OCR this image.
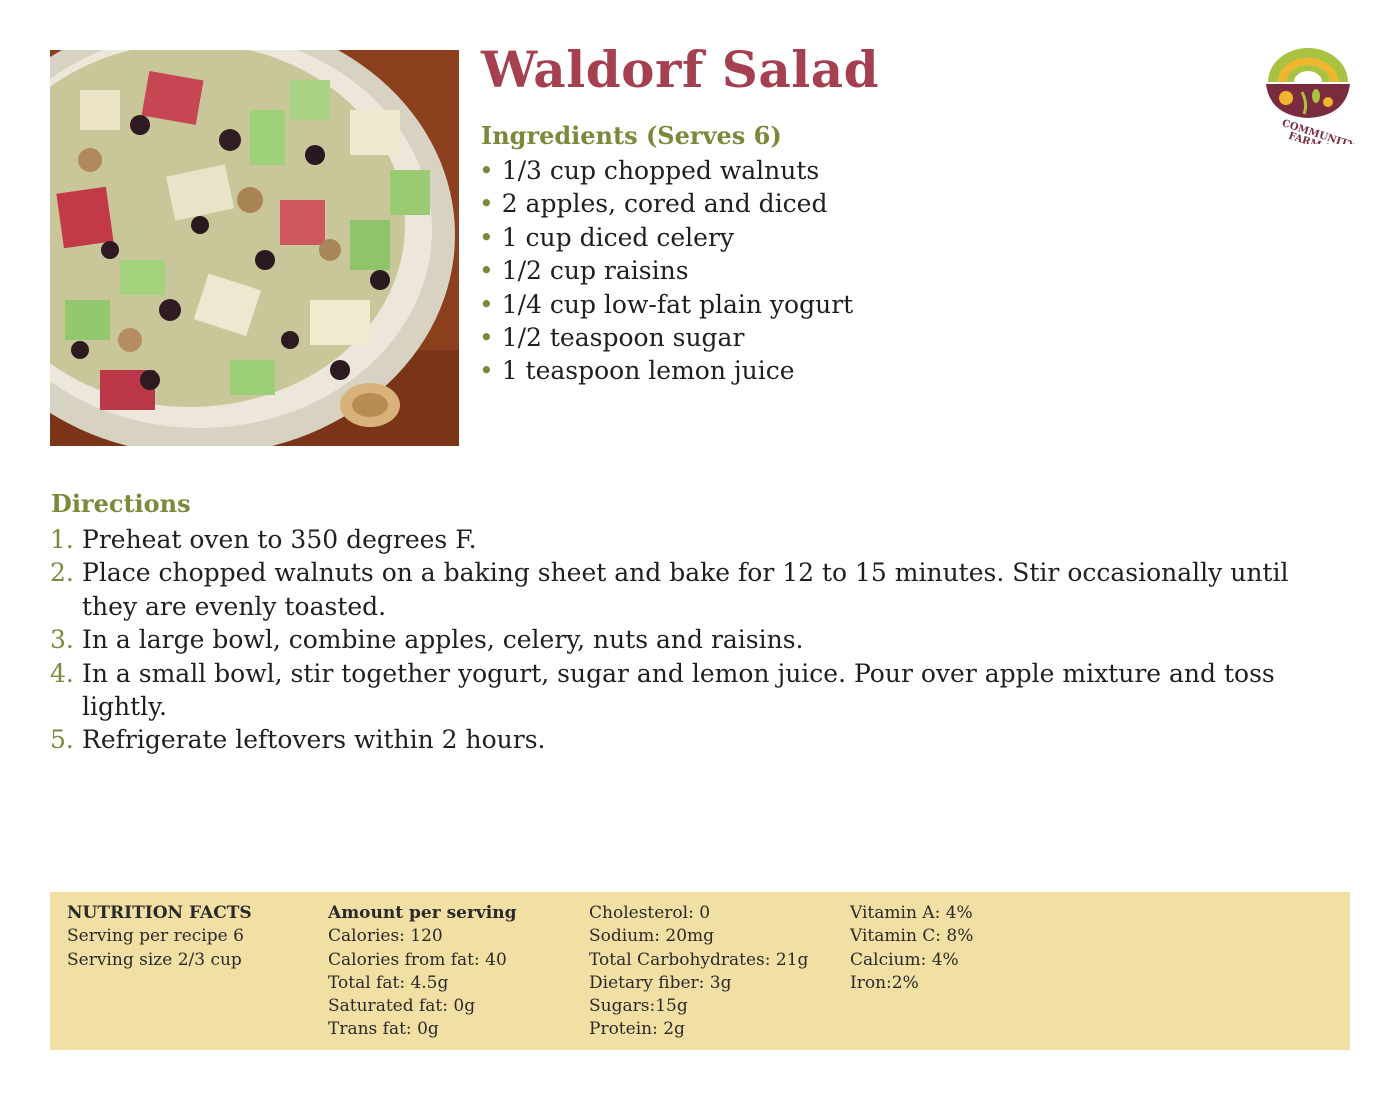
Waldorf Salad
COMMUNITY
Ingredients (Serves 6)
• 1/3 cup chopped walnuts
• 2 apples, cored and diced
• 1 cup diced celery
• 1/2 cup raisins
• 1/4 cup low-fat plain yogurt
• 1/2 teaspoon sugar
• 1 teaspoon lemon juice
Directions
1. Preheat oven to 350 degrees F.
2. Place chopped walnuts on a baking sheet and bake for 12 to 15 minutes. Stir occasionally until they are evenly toasted.
3. In a large bowl, combine apples, celery, nuts and raisins.
4. In a small bowl, stir together yogurt, sugar and lemon juice. Pour over apple mixture and toss lightly.
5. Refrigerate leftovers within 2 hours.
NUTRITION FACTS
Serving per recipe 6
Serving size 2/3 cup
Amount per serving
Calories: 120
Calories from fat: 40
Total fat: 4.5g
Saturated fat: 0g
Trans fat: 0g
Cholesterol: 0
Sodium: 20mg
Total Carbohydrates: 21g
Dietary fiber: 3g
Sugars:15g
Protein: 2g
Vitamin A: 4%
Vitamin C: 8%
Calcium: 4%
Iron:2%
